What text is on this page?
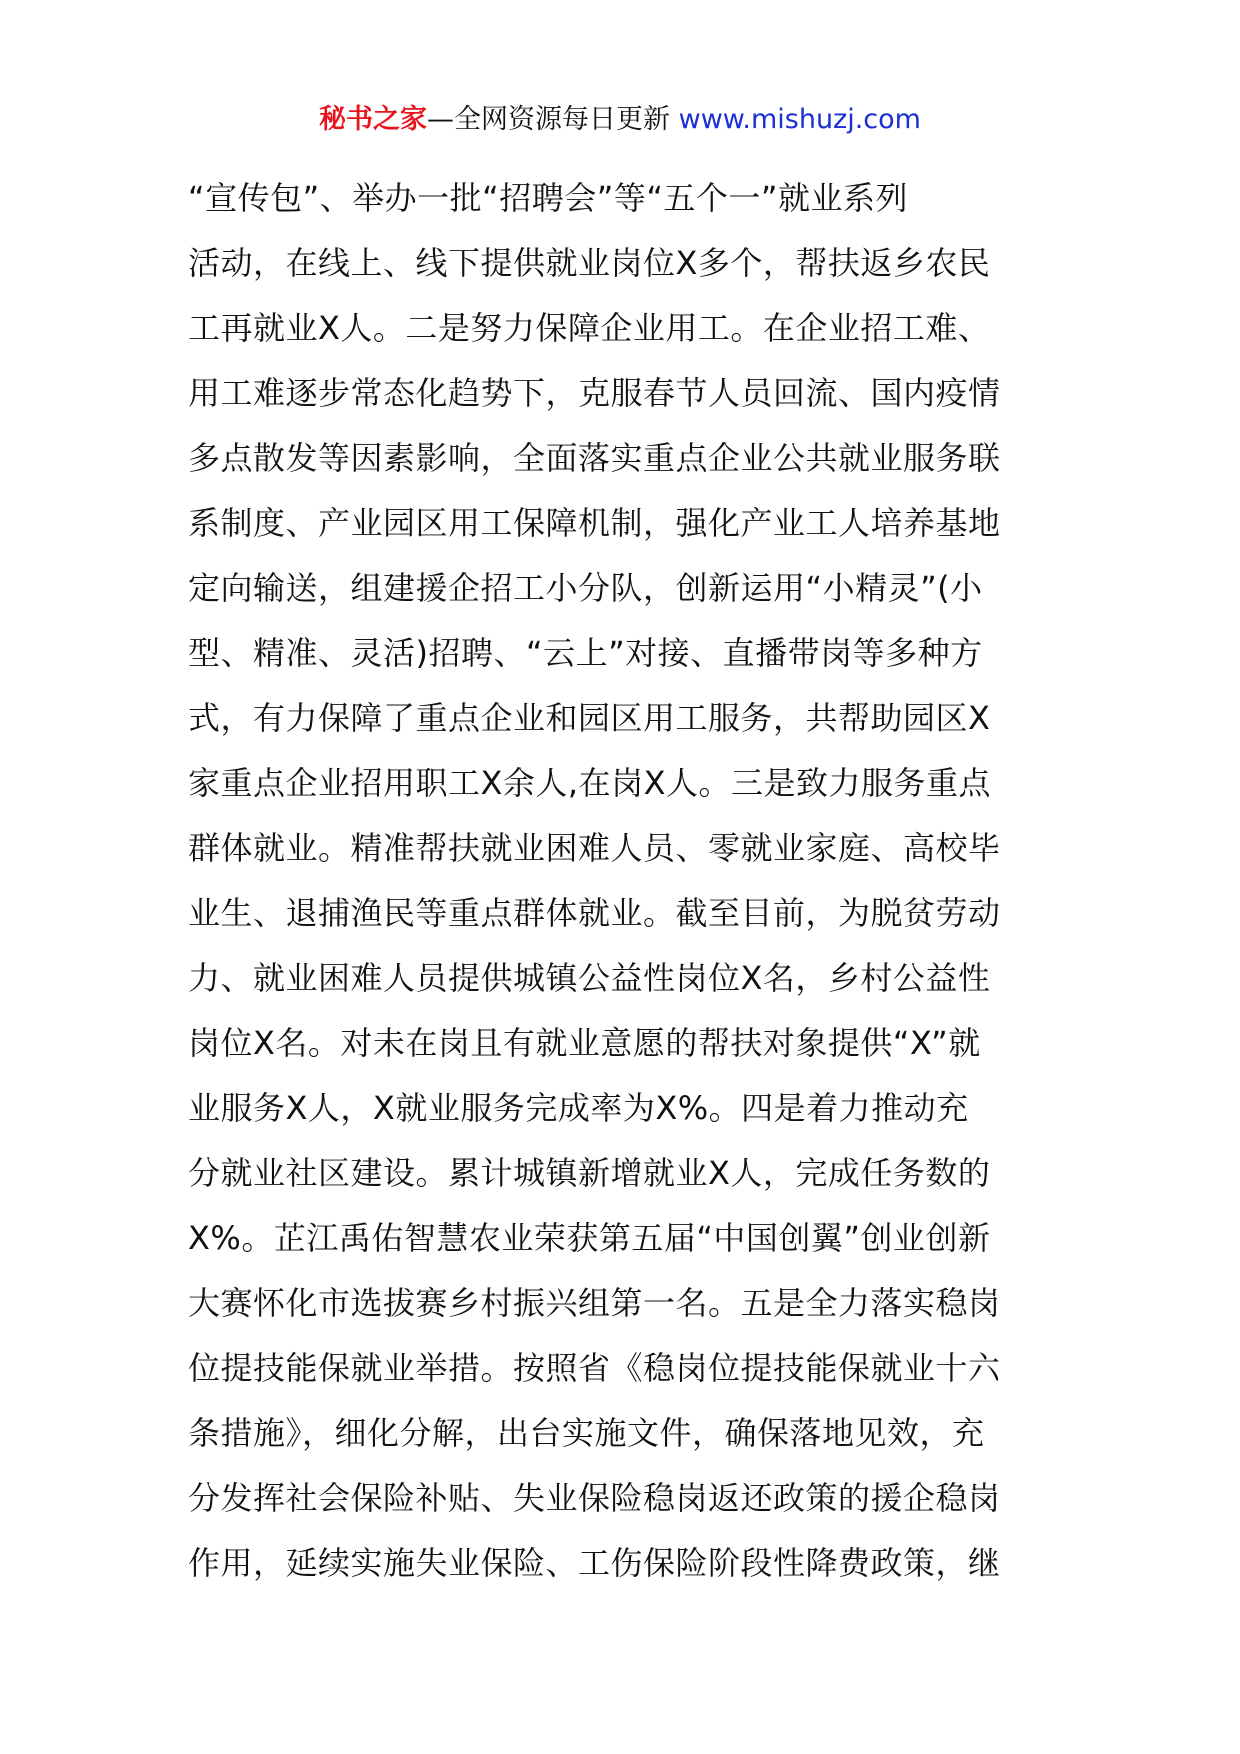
秘书之家—全网资源每日更新 www.mishuzj.com
“宣传包”、举办一批“招聘会”等“五个一”就业系列
活动，在线上、线下提供就业岗位X多个，帮扶返乡农民
工再就业X人。二是努力保障企业用工。在企业招工难、
用工难逐步常态化趋势下，克服春节人员回流、国内疫情
多点散发等因素影响，全面落实重点企业公共就业服务联
系制度、产业园区用工保障机制，强化产业工人培养基地
定向输送，组建援企招工小分队，创新运用“小精灵”(小
型、精准、灵活)招聘、“云上”对接、直播带岗等多种方
式，有力保障了重点企业和园区用工服务，共帮助园区X
家重点企业招用职工X余人,在岗X人。三是致力服务重点
群体就业。精准帮扶就业困难人员、零就业家庭、高校毕
业生、退捕渔民等重点群体就业。截至目前，为脱贫劳动
力、就业困难人员提供城镇公益性岗位X名，乡村公益性
岗位X名。对未在岗且有就业意愿的帮扶对象提供“X”就
业服务X人，X就业服务完成率为X%。四是着力推动充
分就业社区建设。累计城镇新增就业X人，完成任务数的
X%。芷江禹佑智慧农业荣获第五届“中国创翼”创业创新
大赛怀化市选拔赛乡村振兴组第一名。五是全力落实稳岗
位提技能保就业举措。按照省《稳岗位提技能保就业十六
条措施》，细化分解，出台实施文件，确保落地见效，充
分发挥社会保险补贴、失业保险稳岗返还政策的援企稳岗
作用，延续实施失业保险、工伤保险阶段性降费政策，继
